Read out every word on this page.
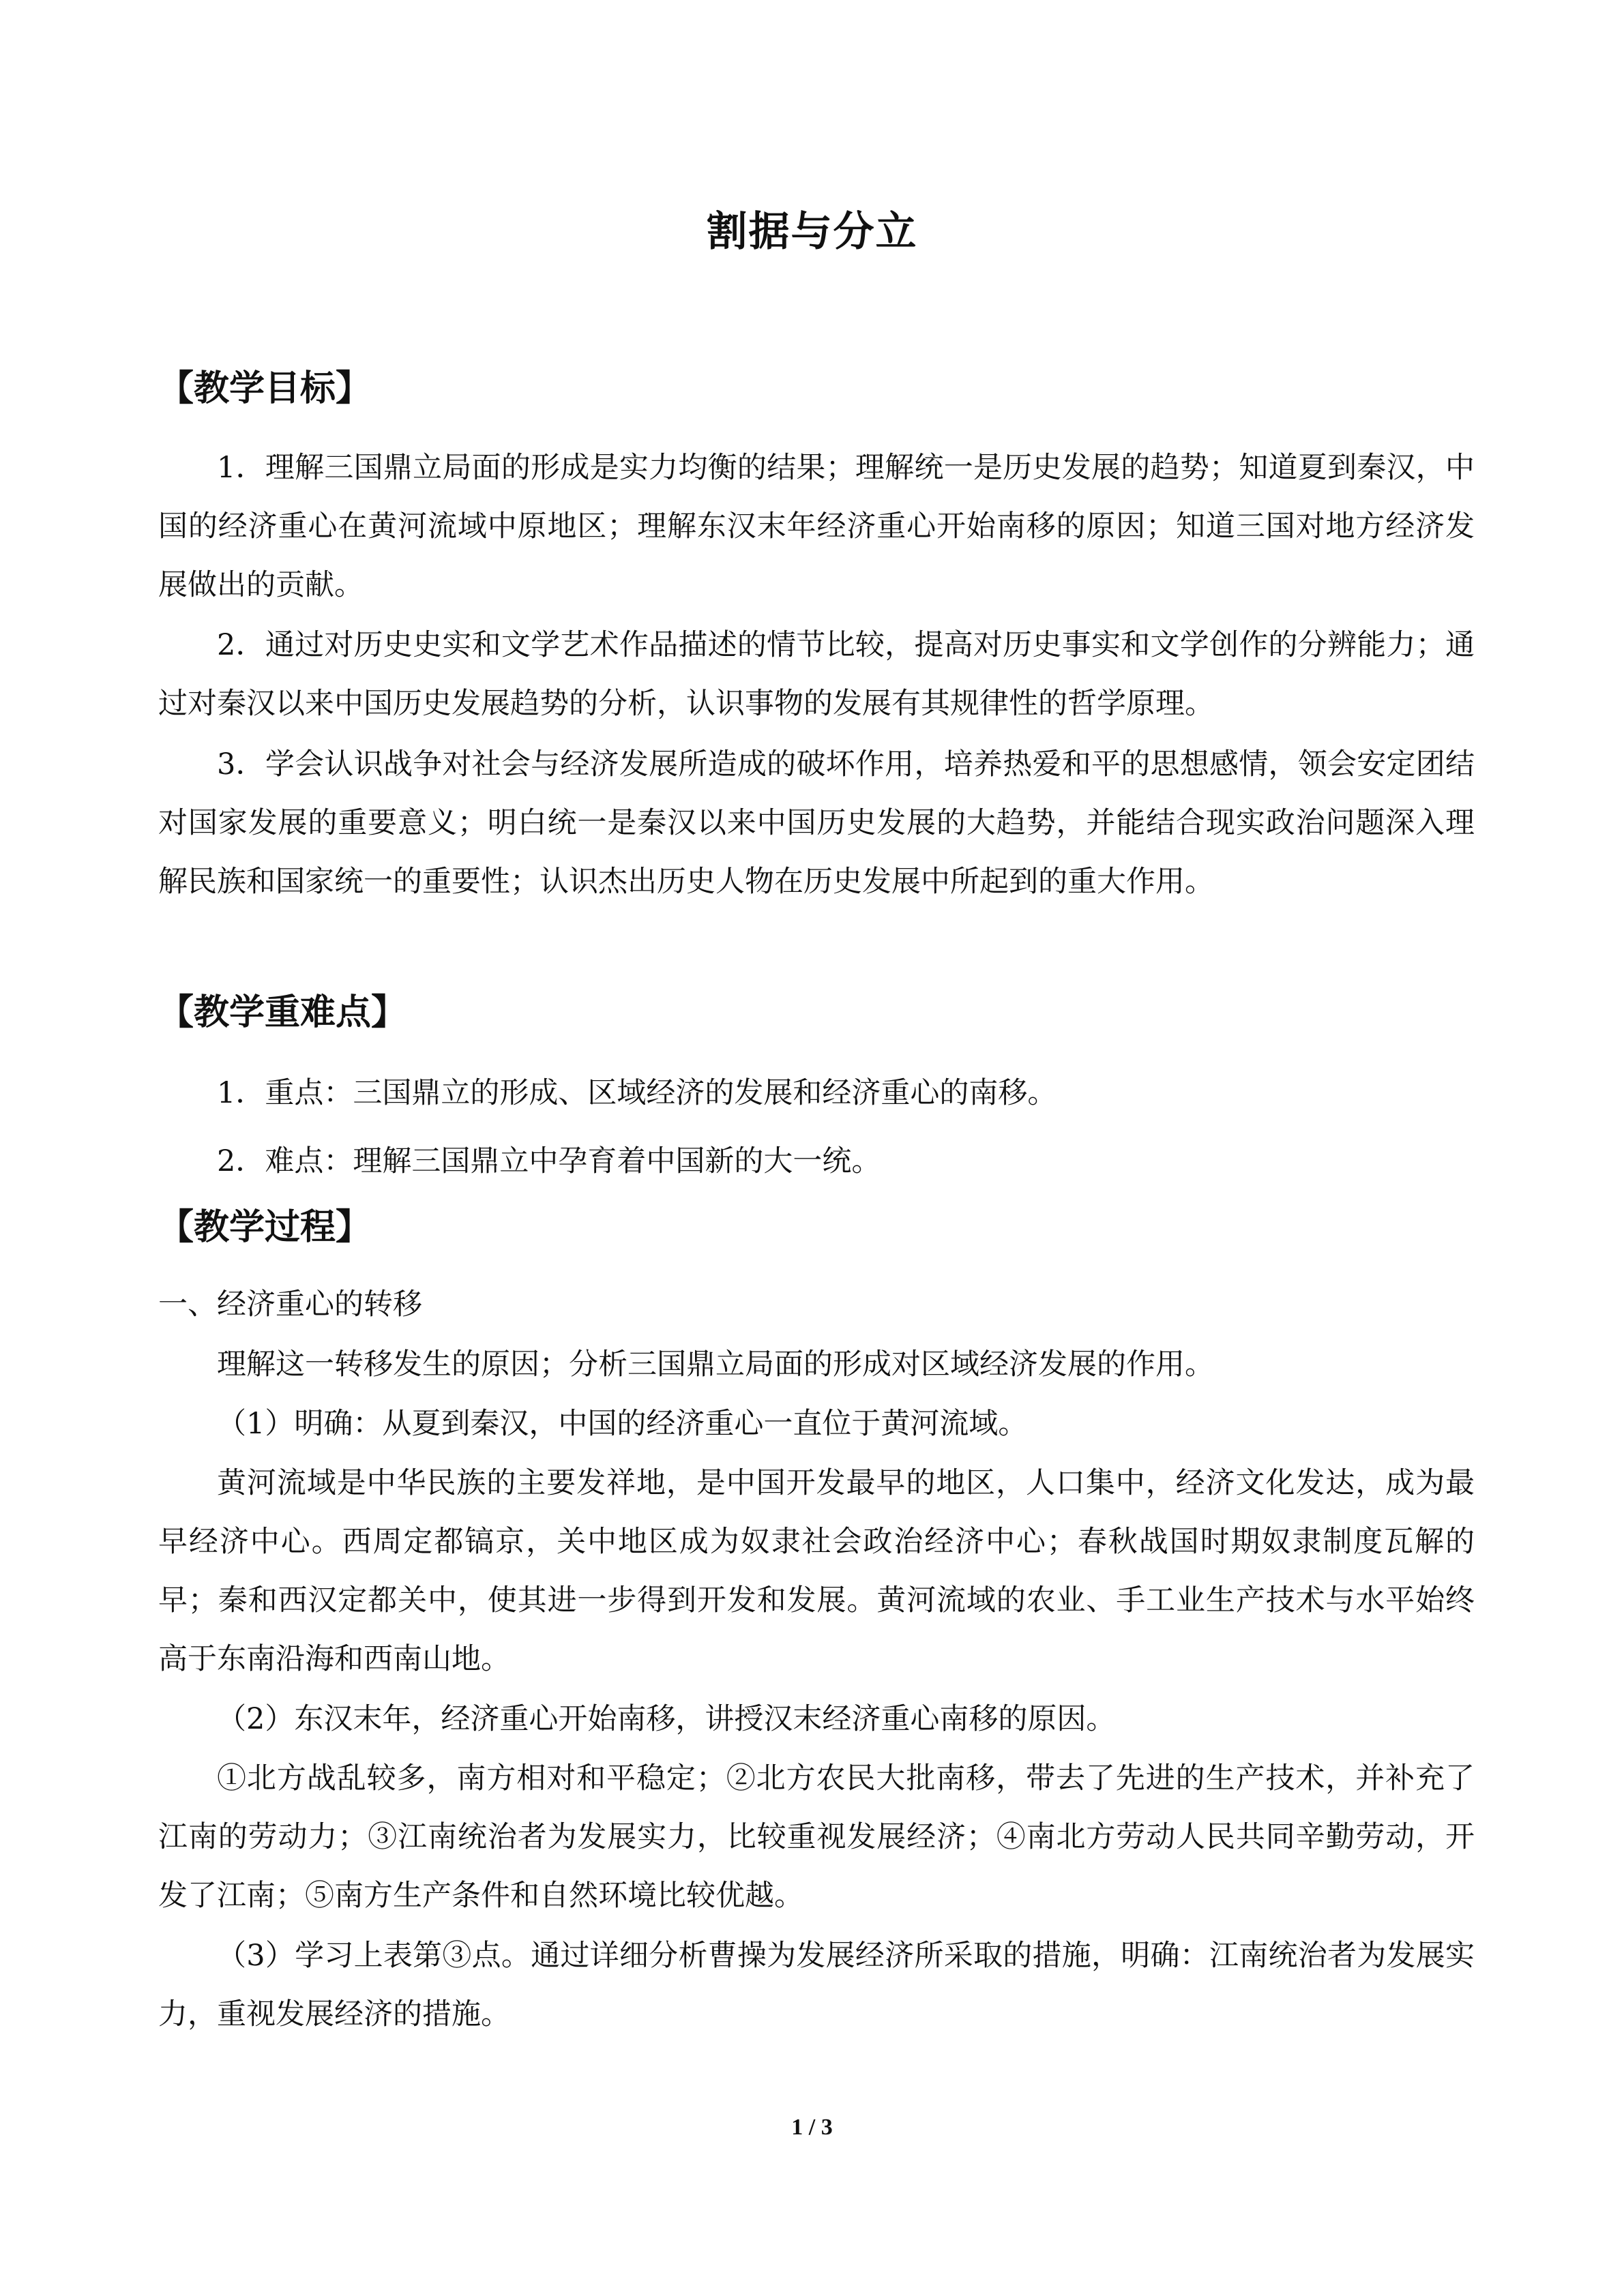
割据与分立
【教学目标】
1．理解三国鼎立局面的形成是实力均衡的结果；理解统一是历史发展的趋势；知道夏到秦汉，中国的经济重心在黄河流域中原地区；理解东汉末年经济重心开始南移的原因；知道三国对地方经济发展做出的贡献。
2．通过对历史史实和文学艺术作品描述的情节比较，提高对历史事实和文学创作的分辨能力；通过对秦汉以来中国历史发展趋势的分析，认识事物的发展有其规律性的哲学原理。
3．学会认识战争对社会与经济发展所造成的破坏作用，培养热爱和平的思想感情，领会安定团结对国家发展的重要意义；明白统一是秦汉以来中国历史发展的大趋势，并能结合现实政治问题深入理解民族和国家统一的重要性；认识杰出历史人物在历史发展中所起到的重大作用。
【教学重难点】
1．重点：三国鼎立的形成、区域经济的发展和经济重心的南移。
2．难点：理解三国鼎立中孕育着中国新的大一统。
【教学过程】
一、经济重心的转移
理解这一转移发生的原因；分析三国鼎立局面的形成对区域经济发展的作用。
（1）明确：从夏到秦汉，中国的经济重心一直位于黄河流域。
黄河流域是中华民族的主要发祥地，是中国开发最早的地区，人口集中，经济文化发达，成为最早经济中心。西周定都镐京，关中地区成为奴隶社会政治经济中心；春秋战国时期奴隶制度瓦解的早；秦和西汉定都关中，使其进一步得到开发和发展。黄河流域的农业、手工业生产技术与水平始终高于东南沿海和西南山地。
（2）东汉末年，经济重心开始南移，讲授汉末经济重心南移的原因。
①北方战乱较多，南方相对和平稳定；②北方农民大批南移，带去了先进的生产技术，并补充了江南的劳动力；③江南统治者为发展实力，比较重视发展经济；④南北方劳动人民共同辛勤劳动，开发了江南；⑤南方生产条件和自然环境比较优越。
（3）学习上表第③点。通过详细分析曹操为发展经济所采取的措施，明确：江南统治者为发展实力，重视发展经济的措施。
1 / 3
